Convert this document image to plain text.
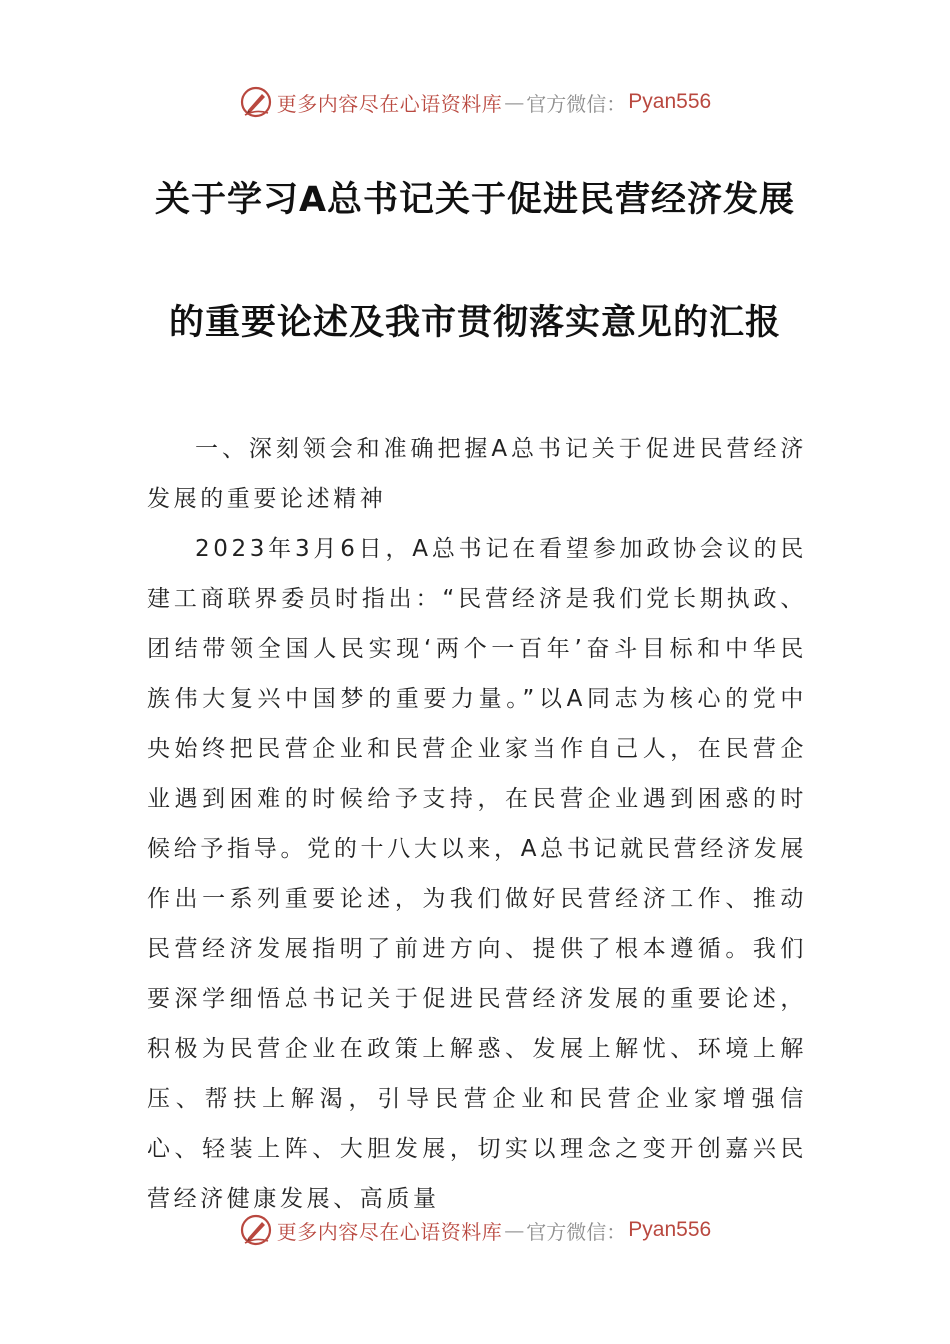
更多内容尽在心语资料库 — 官方微信： Pyan556
关于学习A总书记关于促进民营经济发展
的重要论述及我市贯彻落实意见的汇报

一、深刻领会和准确把握A总书记关于促进民营经济发展的重要论述精神

2023年3月6日，A总书记在看望参加政协会议的民建工商联界委员时指出：“民营经济是我们党长期执政、团结带领全国人民实现‘两个一百年’奋斗目标和中华民族伟大复兴中国梦的重要力量。”以A同志为核心的党中央始终把民营企业和民营企业家当作自己人，在民营企业遇到困难的时候给予支持，在民营企业遇到困惑的时候给予指导。党的十八大以来，A总书记就民营经济发展作出一系列重要论述，为我们做好民营经济工作、推动民营经济发展指明了前进方向、提供了根本遵循。我们要深学细悟总书记关于促进民营经济发展的重要论述，积极为民营企业在政策上解惑、发展上解忧、环境上解压、帮扶上解渴，引导民营企业和民营企业家增强信心、轻装上阵、大胆发展，切实以理念之变开创嘉兴民营经济健康发展、高质量

更多内容尽在心语资料库 — 官方微信： Pyan556
